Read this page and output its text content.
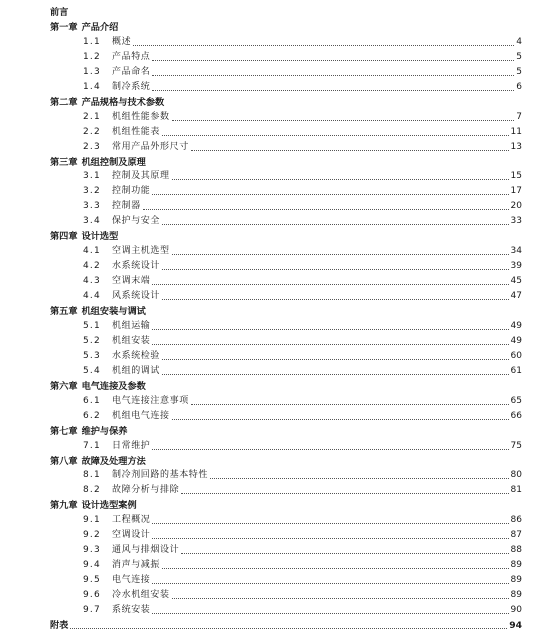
前言
第一章 产品介绍
1.1	概述	4
1.2	产品特点	5
1.3	产品命名	5
1.4	制冷系统	6
第二章 产品规格与技术参数
2.1	机组性能参数	7
2.2	机组性能表	11
2.3	常用产品外形尺寸	13
第三章 机组控制及原理
3.1	控制及其原理	15
3.2	控制功能	17
3.3	控制器	20
3.4	保护与安全	33
第四章 设计选型
4.1	空调主机选型	34
4.2	水系统设计	39
4.3	空调末端	45
4.4	风系统设计	47
第五章 机组安装与调试
5.1	机组运输	49
5.2	机组安装	49
5.3	水系统检验	60
5.4	机组的调试	61
第六章 电气连接及参数
6.1	电气连接注意事项	65
6.2	机组电气连接	66
第七章 维护与保养
7.1	日常维护	75
第八章 故障及处理方法
8.1	制冷剂回路的基本特性	80
8.2	故障分析与排除	81
第九章 设计选型案例
9.1	工程概况	86
9.2	空调设计	87
9.3	通风与排烟设计	88
9.4	消声与减振	89
9.5	电气连接	89
9.6	冷水机组安装	89
9.7	系统安装	90
附表	94
